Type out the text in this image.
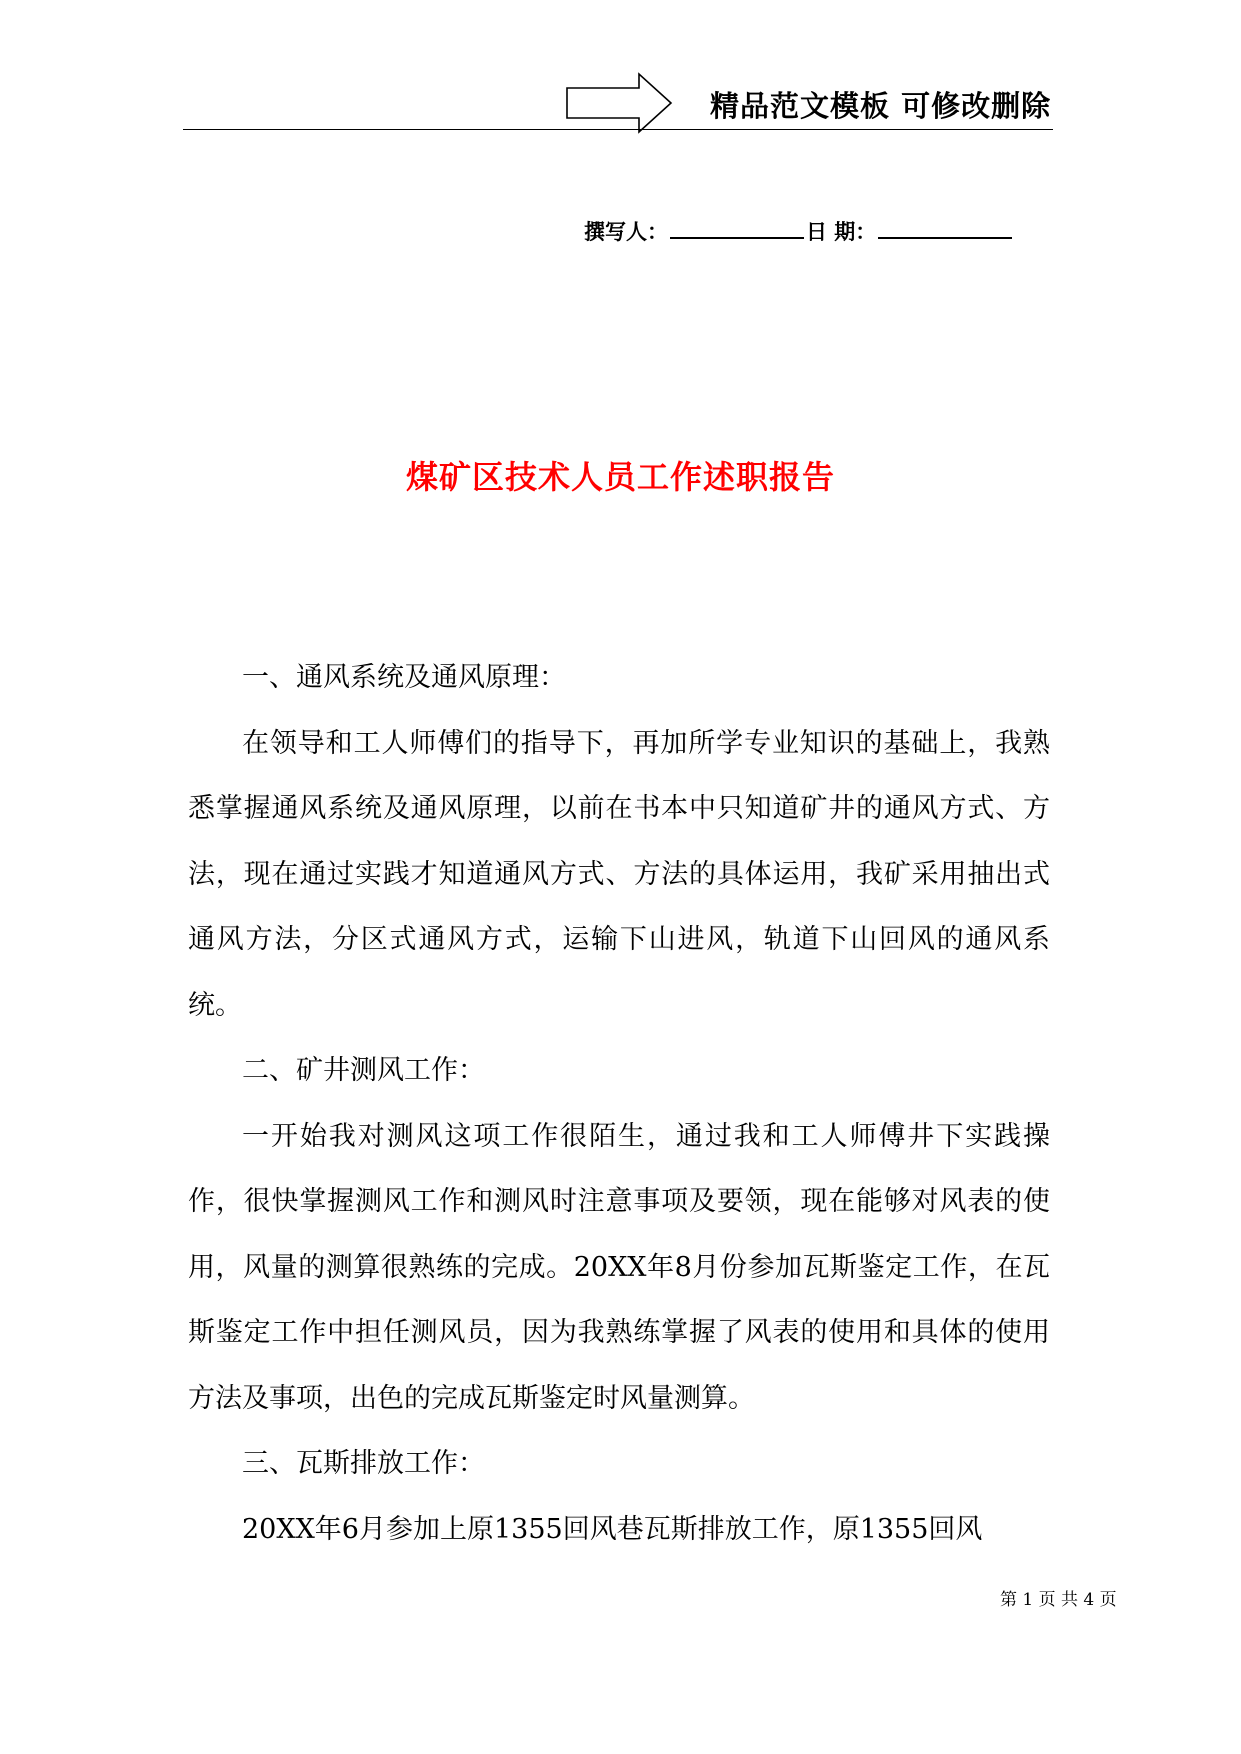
精品范文模板 可修改删除
撰写人：	日 期：
煤矿区技术人员工作述职报告

一、通风系统及通风原理：

在领导和工人师傅们的指导下，再加所学专业知识的基础上，我熟悉掌握通风系统及通风原理，以前在书本中只知道矿井的通风方式、方法，现在通过实践才知道通风方式、方法的具体运用，我矿采用抽出式通风方法，分区式通风方式，运输下山进风，轨道下山回风的通风系统。

二、矿井测风工作：

一开始我对测风这项工作很陌生，通过我和工人师傅井下实践操作，很快掌握测风工作和测风时注意事项及要领，现在能够对风表的使用，风量的测算很熟练的完成。20XX年8月份参加瓦斯鉴定工作，在瓦斯鉴定工作中担任测风员，因为我熟练掌握了风表的使用和具体的使用方法及事项，出色的完成瓦斯鉴定时风量测算。

三、瓦斯排放工作：

20XX年6月参加上原1355回风巷瓦斯排放工作，原1355回风

第 1 页 共 4 页
